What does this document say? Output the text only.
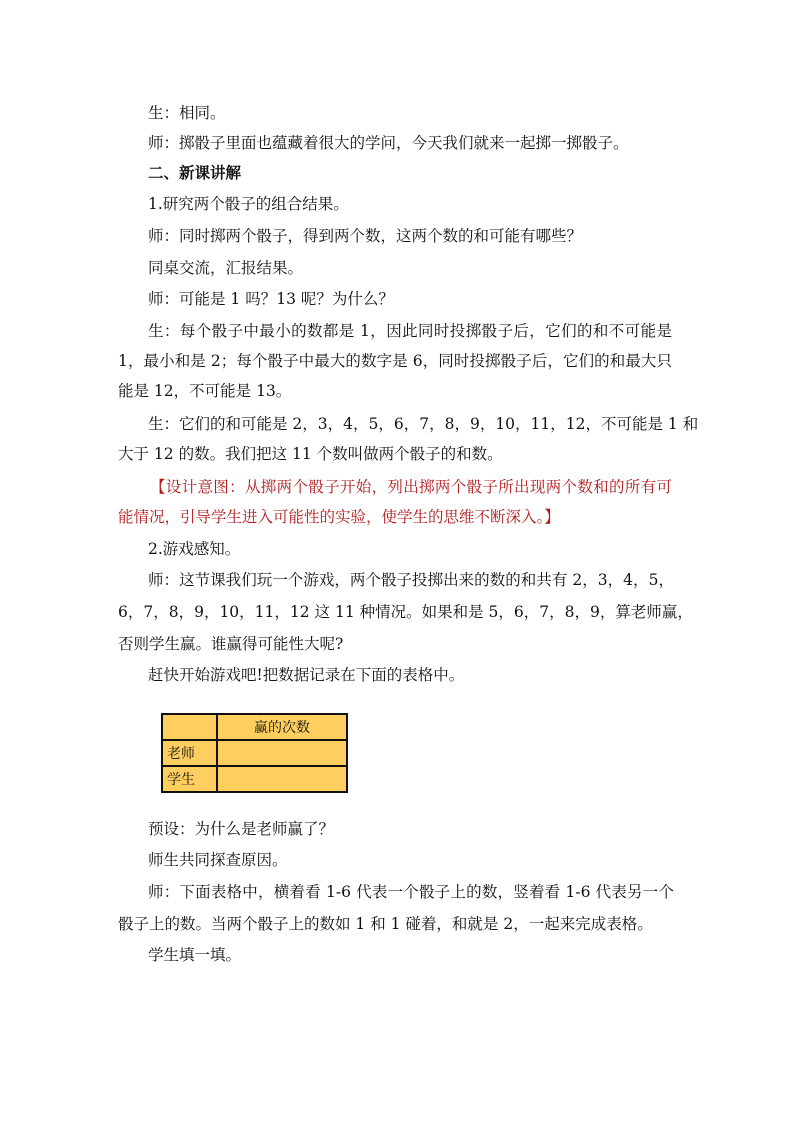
生：相同。
师：掷骰子里面也蕴藏着很大的学问，今天我们就来一起掷一掷骰子。
二、新课讲解
1.研究两个骰子的组合结果。
师：同时掷两个骰子，得到两个数，这两个数的和可能有哪些？
同桌交流，汇报结果。
师：可能是 1 吗？13 呢？为什么？
生：每个骰子中最小的数都是 1，因此同时投掷骰子后，它们的和不可能是
1，最小和是 2；每个骰子中最大的数字是 6，同时投掷骰子后，它们的和最大只
能是 12，不可能是 13。
生：它们的和可能是 2，3，4，5，6，7，8，9，10，11，12，不可能是 1 和
大于 12 的数。我们把这 11 个数叫做两个骰子的和数。
【设计意图：从掷两个骰子开始，列出掷两个骰子所出现两个数和的所有可
能情况，引导学生进入可能性的实验，使学生的思维不断深入。】
2.游戏感知。
师：这节课我们玩一个游戏，两个骰子投掷出来的数的和共有 2，3，4，5，
6，7，8，9，10，11，12 这 11 种情况。如果和是 5，6，7，8，9，算老师赢，
否则学生赢。谁赢得可能性大呢?
赶快开始游戏吧!把数据记录在下面的表格中。
	赢的次数
老师	
学生	
预设：为什么是老师赢了？
师生共同探查原因。
师：下面表格中，横着看 1-6 代表一个骰子上的数，竖着看 1-6 代表另一个
骰子上的数。当两个骰子上的数如 1 和 1 碰着，和就是 2，一起来完成表格。
学生填一填。
